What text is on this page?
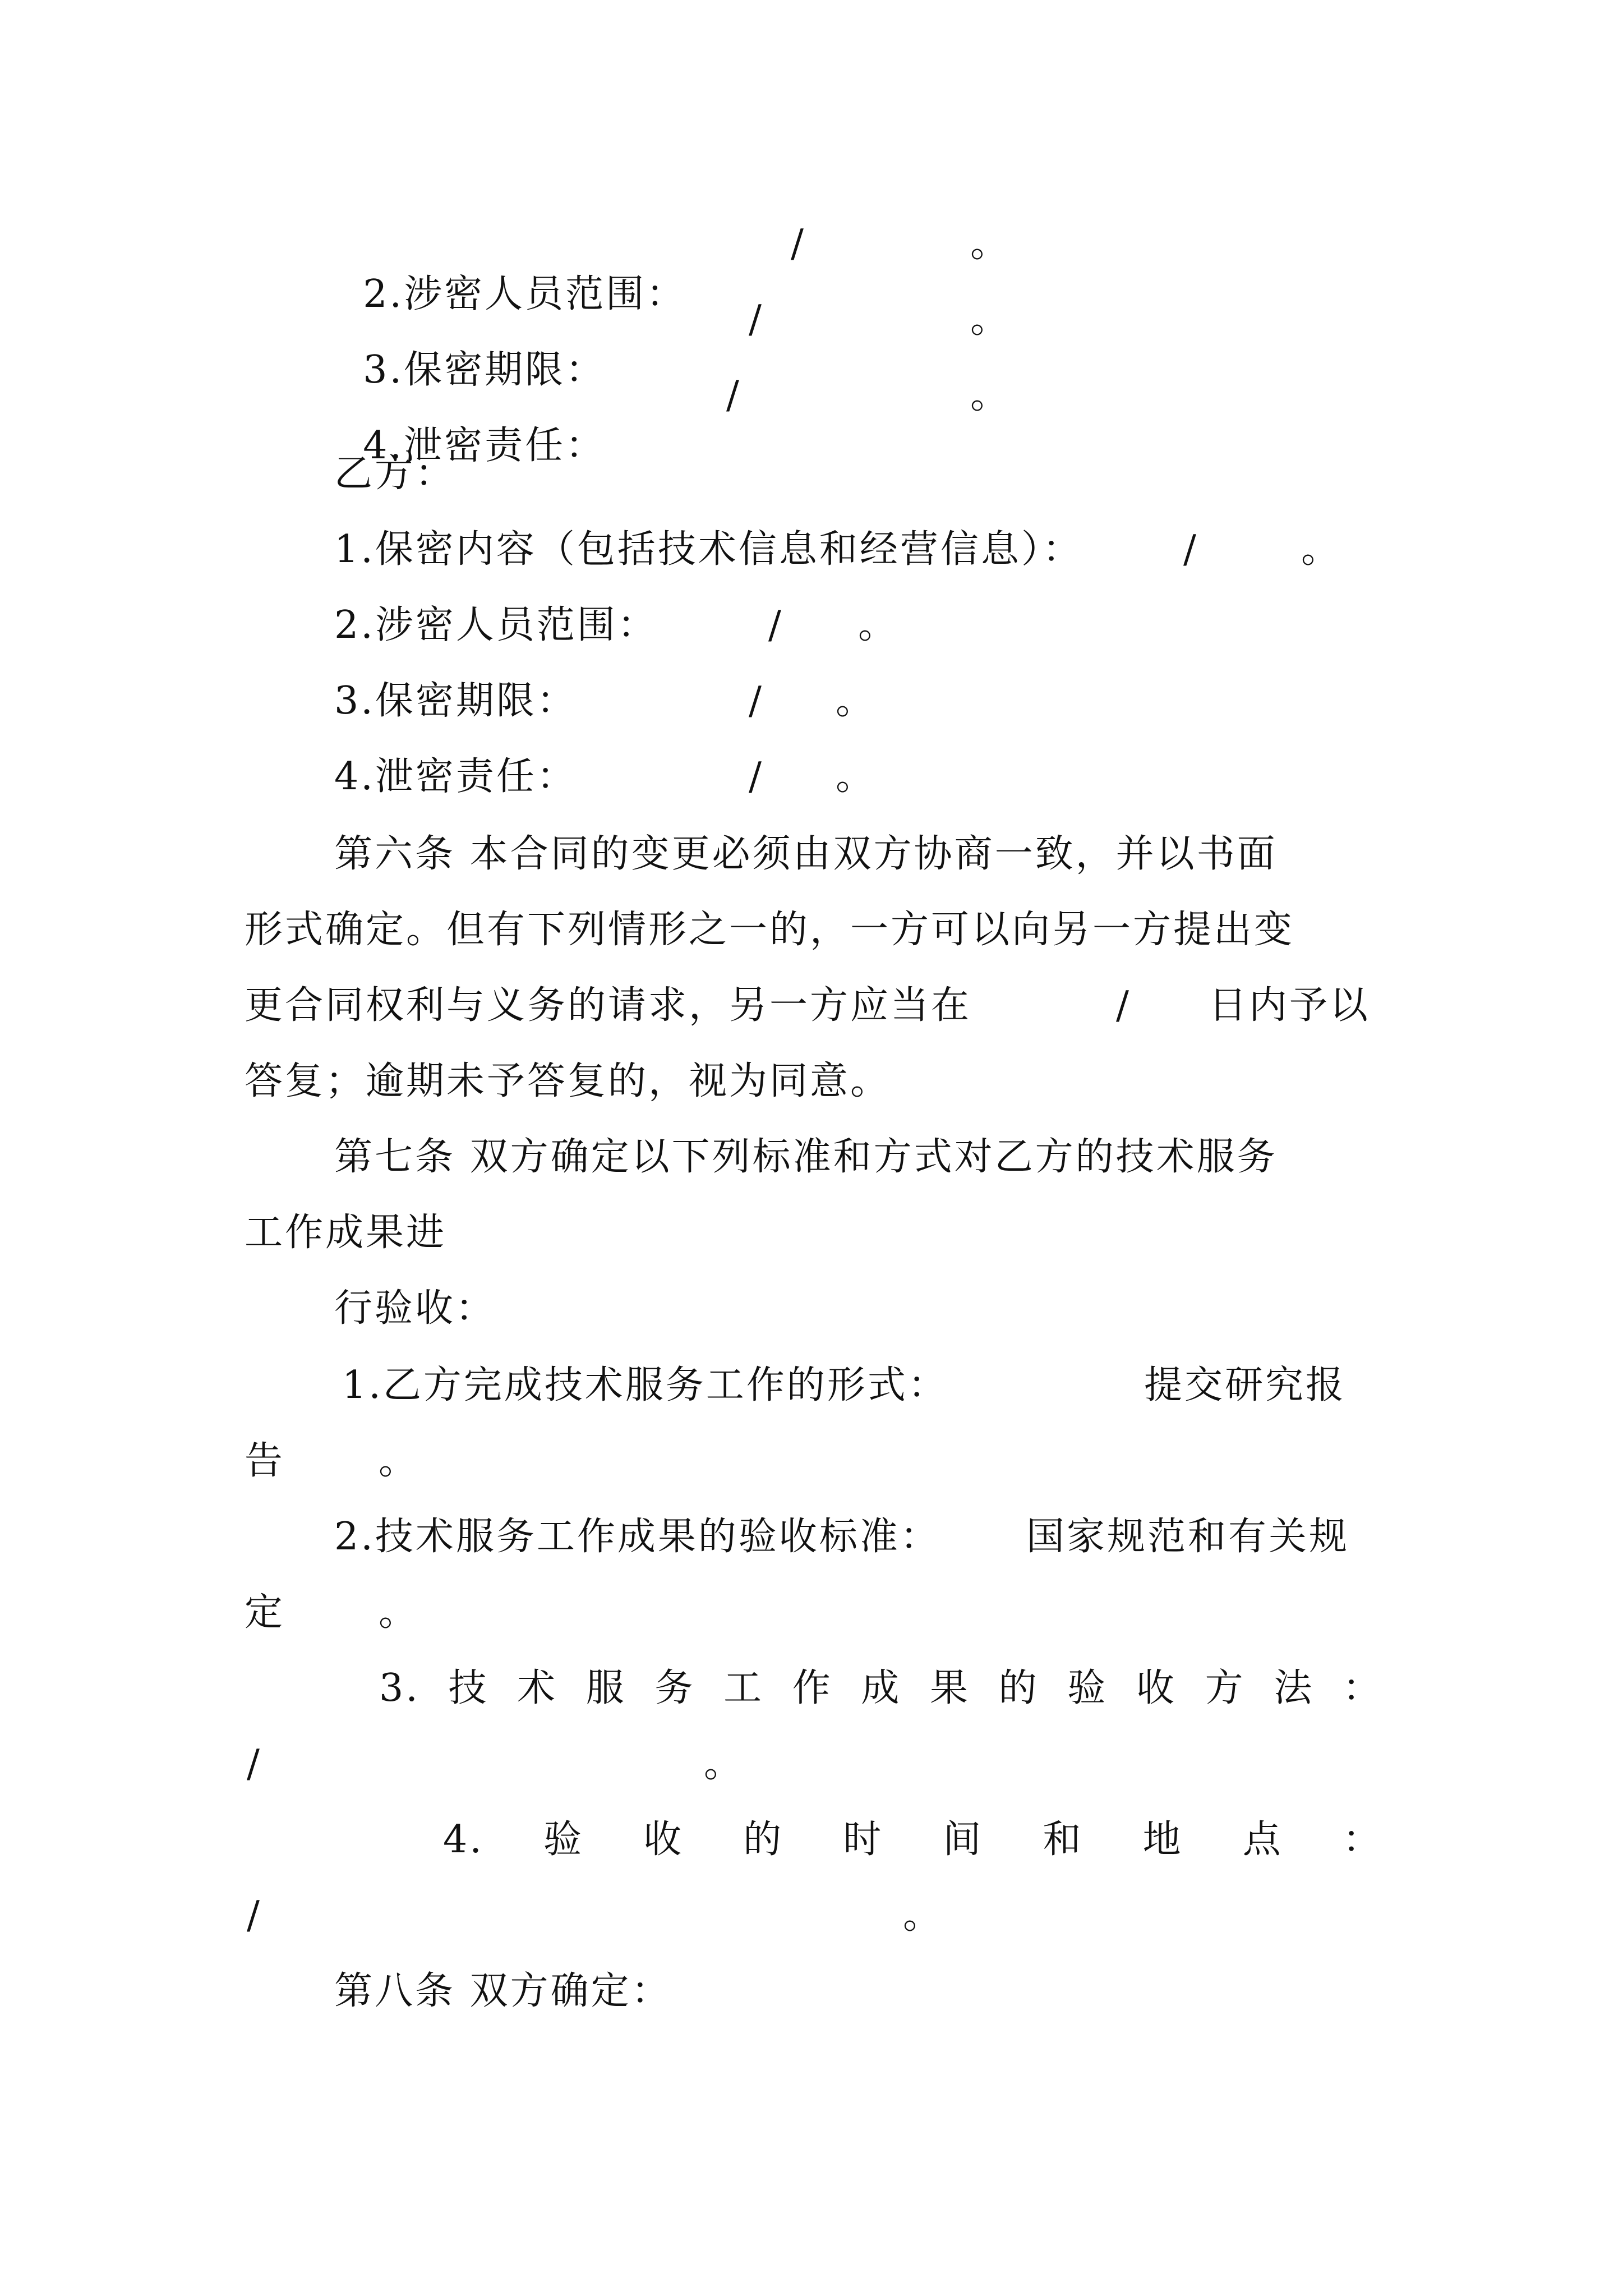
2.涉密人员范围：

/	。

3.保密期限：

/	。

4.泄密责任：

/	。
乙方：
1.保密内容（包括技术信息和经营信息）：	/	。
2.涉密人员范围：	/ 。
3.保密期限：	/ 。
4.泄密责任：	/ 。
第六条 本合同的变更必须由双方协商一致，并以书面
形式确定。但有下列情形之一的，一方可以向另一方提出变
更合同权利与义务的请求，另一方应当在	/ 日内予以
答复；逾期未予答复的，视为同意。
第七条 双方确定以下列标准和方式对乙方的技术服务
工作成果进
行验收：
1.乙方完成技术服务工作的形式：	提交研究报
告 。
2.技术服务工作成果的验收标准： 国家规范和有关规
定 。
3. 技 术 服 务 工 作 成 果 的 验 收 方 法 ：
/	。
4. 验 收 的 时 间 和 地 点 ：
/	。
第八条 双方确定：
